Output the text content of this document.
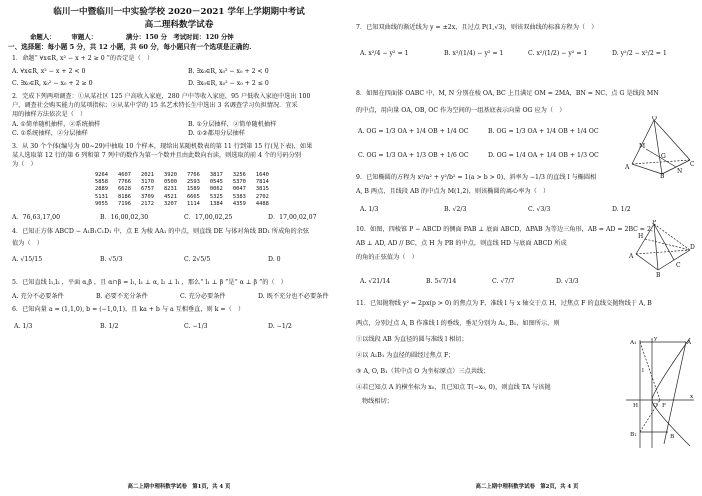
临川一中暨临川一中实验学校 2020－2021 学年上学期期中考试
高二理科数学试卷
命题人：　　　审题人：　　　　　满分：150 分　考试时间：120 分钟
一、选择题：每小题 5 分，共 12 小题，共 60 分，每小题只有一个选项是正确的.
1．命题“ ∀x∈R, x² − x + 2 ≥ 0 ”的否定是（　）
A. ∀x∈R, x² − x + 2 < 0	B. ∃x₀∈R, x₀² − x₀ + 2 < 0
C. ∃x₀∈R, x₀² − x₀ + 2 ≥ 0	D. ∃x₀∈R, x₀² − x₀ + 2 ≤ 0
2．完成下列两项调查：①从某社区 125 户高收入家庭，280 户中等收入家庭，95 户低收入家庭中选出 100
户，调查社会购买能力的某项指标；②从某中学的 15 名艺术特长生中选出 3 名调查学习负担情况．宜采
用的抽样方法依次是（　）
A. ①简单随机抽样，②系统抽样	B. ①分层抽样，②简单随机抽样
C. ①系统抽样，②分层抽样	D. ①②都用分层抽样
3．从 30 个个体(编号为 00~29)中抽取 10 个样本，现给出某随机数表的第 11 行到第 15 行(见下表)，如果
某人选取第 12 行的第 6 列和第 7 列中的数作为第一个数并且由此数向右读，则选取的前 4 个的号码分别
为（　）
9264	4607	2021	3920	7766	3817	3256	1640
5858	7766	3170	0500	2593	0545	5370	7814
2889	6628	6757	8231	1589	0062	0047	3815
5131	8186	3709	4521	6665	5325	5383	2702
9055	7196	2172	3207	1114	1384	4359	4488
A．76,63,17,00	B．16,00,02,30	C．17,00,02,25	D．17,00,02,07
4．已知正方体 ABCD − A₁B₁C₁D₁ 中，点 E 为棱 AA₁ 的中点，则直线 DE 与体对角线 BD₁ 所成角的余弦
值为（　）
A. √15/15	B. √5/3	C. 2√5/5	D. 0
5．已知直线 l₁,l₂ ，平面 α,β ，且 α∩β = l₁, l₁ ⊥ α, l₂ ⊥ l₁ ，那么“ l₁ ⊥ β ”是“ α ⊥ β ”的（　）
A. 充分不必要条件	B. 必要不充分条件	C. 充分必要条件	D. 既不充分也不必要条件
6．已知向量 a = (1,1,0), b = (−1,0,1)，且 ka + b 与 a 互相垂直，则 k =（　）
A. 1/3	B. 1/2	C. −1/3	D. −1/2
高二上期中理科数学试卷　第1页，共 4 页
7．已知双曲线的渐近线为 y = ±2x，且过点 P(1,√3)，则该双曲线的标准方程为（　）
A. x²/4 − y² = 1	B. x²/(1/4) − y² = 1	C. x²/(1/2) − y² = 1	D. y²/2 − x²/2 = 1
8．如图在四面体 OABC 中，M, N 分别在棱 OA, BC 上且满足 OM = 2MA，BN = NC，点 G 是线段 MN
的中点，用向量 OA, OB, OC 作为空间的一组基底表示向量 OG 应为（　）
A. OG = 1/3 OA + 1/4 OB + 1/4 OC	B. OG = 1/3 OA + 1/4 OB + 1/4 OC
C. OG = 1/3 OA + 1/3 OB + 1/6 OC	D. OG = 1/4 OA + 1/4 OB + 1/3 OC
O
A
B
C
M
N
G
9．已知椭圆的方程为 x²/a² + y²/b² = 1(a > b > 0)，斜率为 −1/3 的直线 l 与椭圆相
A, B 两点，且线段 AB 的中点为 M(1,2)，则该椭圆的离心率为（　）
A. 1/3	B. √2/3	C. √3/3	D. 1/2
10．如图，四棱锥 P − ABCD 的侧面 PAB ⊥ 底面 ABCD，ΔPAB 为等边三角形，AB = AD = 2BC = 2，
AB ⊥ AD, AD // BC，点 H 为 PB 的中点，则直线 HD 与底面 ABCD 所成
的角的正弦值为（　）
A. √21/14	B. 5√7/14	C. √7/7	D. √3/3
P
A
B
C
D
H
11．已知抛物线 y² = 2px(p > 0) 的焦点为 F，准线 l 与 x 轴交于点 H，过焦点 F 的直线交抛物线于 A, B
两点，分别过点 A, B 作准线 l 的垂线，垂足分别为 A₁, B₁，如图所示，则
①以线段 AB 为直径的圆与准线 l 相切；
②以 A₁B₁ 为直径的圆经过焦点 F；
③ A, O, B₁（其中点 O 为坐标原点）三点共线；
④若已知点 A 的横坐标为 x₀，且已知点 T(−x₀, 0)，则直线 TA 与该抛
物线相切；
A₁	A
B₁	B
F
H	O
l
x
y
高二上期中理科数学试卷　第2页，共 4 页
